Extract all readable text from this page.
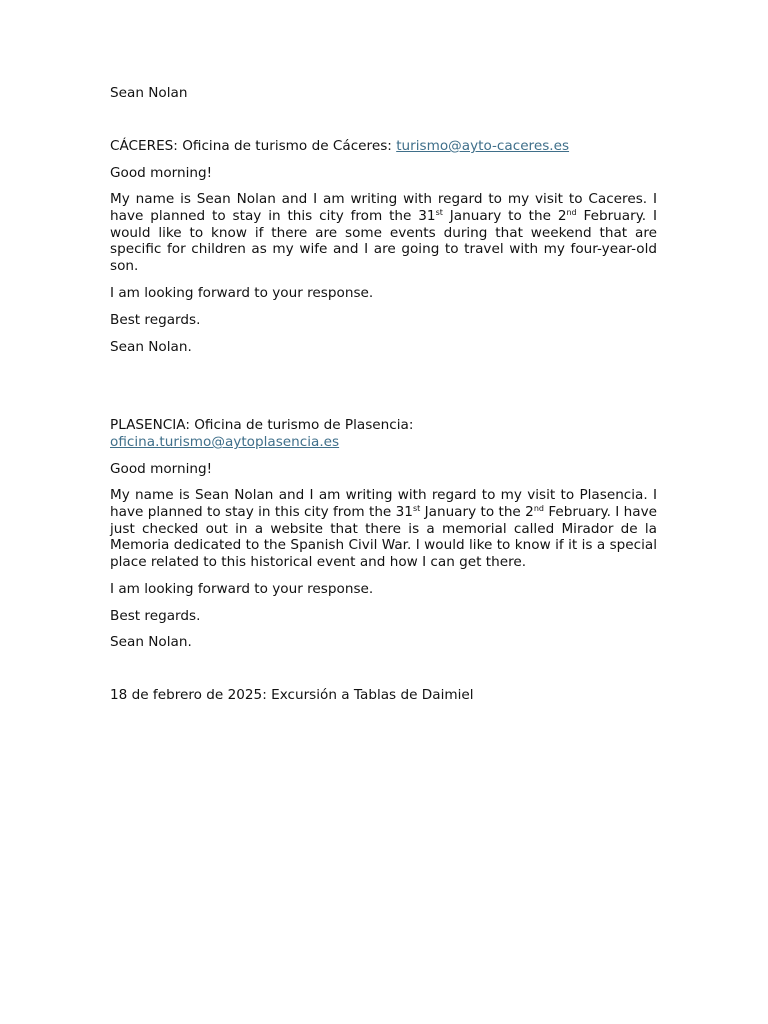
Sean Nolan

CÁCERES: Oficina de turismo de Cáceres: turismo@ayto-caceres.es

Good morning!

My name is Sean Nolan and I am writing with regard to my visit to Caceres. I have planned to stay in this city from the 31st January to the 2nd February. I would like to know if there are some events during that weekend that are specific for children as my wife and I are going to travel with my four-year-old son.

I am looking forward to your response.

Best regards.

Sean Nolan.

PLASENCIA: Oficina de turismo de Plasencia:

oficina.turismo@aytoplasencia.es

Good morning!

My name is Sean Nolan and I am writing with regard to my visit to Plasencia. I have planned to stay in this city from the 31st January to the 2nd February. I have just checked out in a website that there is a memorial called Mirador de la Memoria dedicated to the Spanish Civil War. I would like to know if it is a special place related to this historical event and how I can get there.

I am looking forward to your response.

Best regards.

Sean Nolan.

18 de febrero de 2025: Excursión a Tablas de Daimiel
